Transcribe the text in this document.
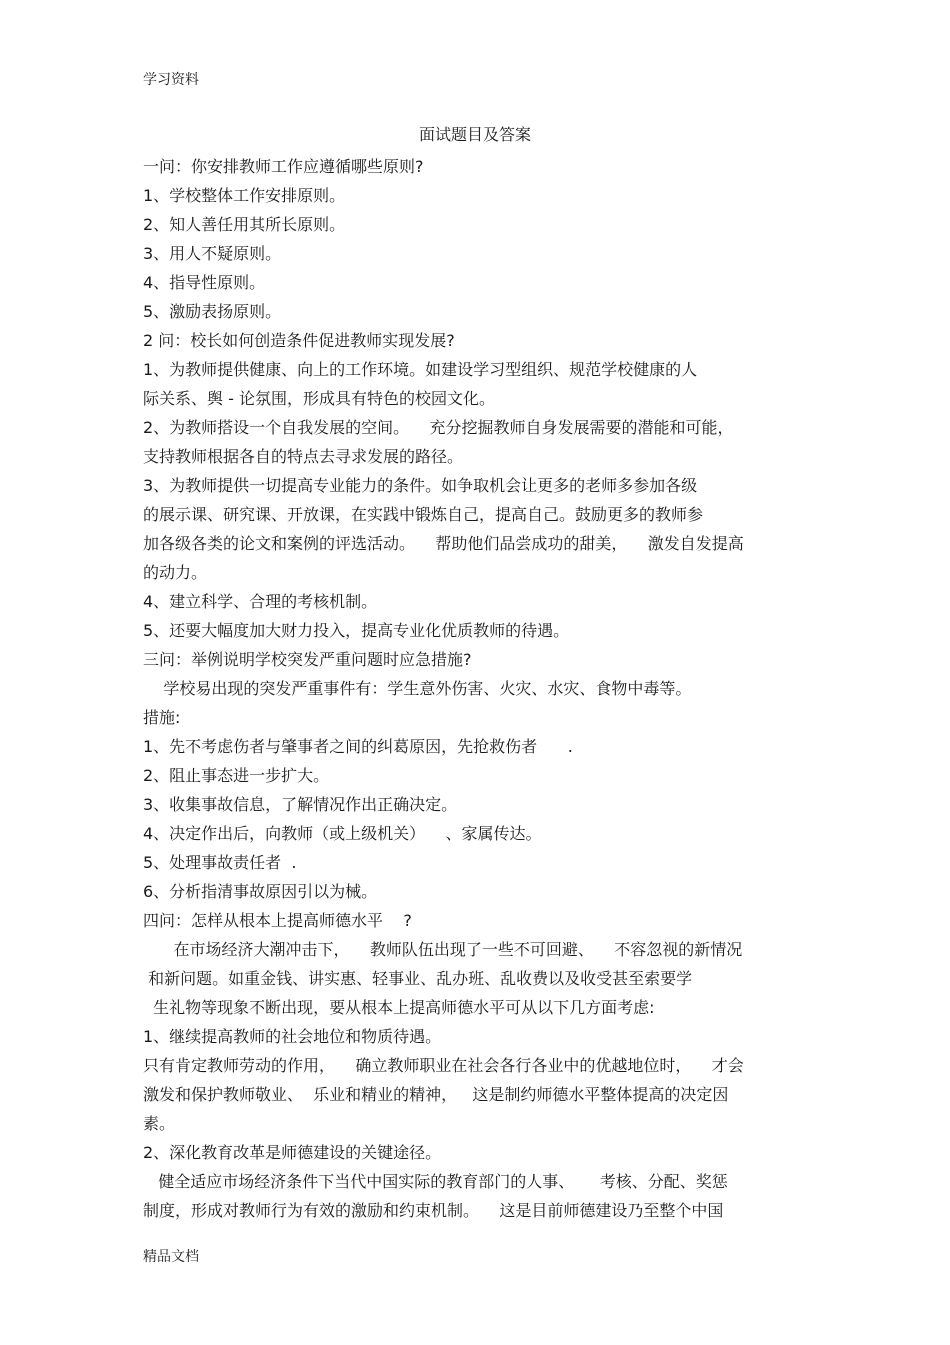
学习资料
面试题目及答案
一问：你安排教师工作应遵循哪些原则?
1、学校整体工作安排原则。
2、知人善任用其所长原则。
3、用人不疑原则。
4、指导性原则。
5、激励表扬原则。
2 问：校长如何创造条件促进教师实现发展?
1、为教师提供健康、向上的工作环境。如建设学习型组织、规范学校健康的人
际关系、舆 - 论氛围，形成具有特色的校园文化。
2、为教师搭设一个自我发展的空间。    充分挖掘教师自身发展需要的潜能和可能，
支持教师根据各自的特点去寻求发展的路径。
3、为教师提供一切提高专业能力的条件。如争取机会让更多的老师多参加各级
的展示课、研究课、开放课，在实践中锻炼自己，提高自己。鼓励更多的教师参
加各级各类的论文和案例的评选活动。    帮助他们品尝成功的甜美，    激发自发提高
的动力。
4、建立科学、合理的考核机制。
5、还要大幅度加大财力投入，提高专业化优质教师的待遇。
三问：举例说明学校突发严重问题时应急措施?
学校易出现的突发严重事件有：学生意外伤害、火灾、水灾、食物中毒等。
措施:
1、先不考虑伤者与肇事者之间的纠葛原因，先抢救伤者      .
2、阻止事态进一步扩大。
3、收集事故信息，了解情况作出正确决定。
4、决定作出后，向教师（或上级机关）    、家属传达。
5、处理事故责任者  .
6、分析指清事故原因引以为械。
四问：怎样从根本上提高师德水平    ?
在市场经济大潮冲击下，    教师队伍出现了一些不可回避、    不容忽视的新情况
和新问题。如重金钱、讲实惠、轻事业、乱办班、乱收费以及收受甚至索要学
生礼物等现象不断出现，要从根本上提高师德水平可从以下几方面考虑:
1、继续提高教师的社会地位和物质待遇。
只有肯定教师劳动的作用，    确立教师职业在社会各行各业中的优越地位时，    才会
激发和保护教师敬业、  乐业和精业的精神，   这是制约师德水平整体提高的决定因
素。
2、深化教育改革是师德建设的关键途径。
健全适应市场经济条件下当代中国实际的教育部门的人事、     考核、分配、奖惩
制度，形成对教师行为有效的激励和约束机制。    这是目前师德建设乃至整个中国
精品文档
